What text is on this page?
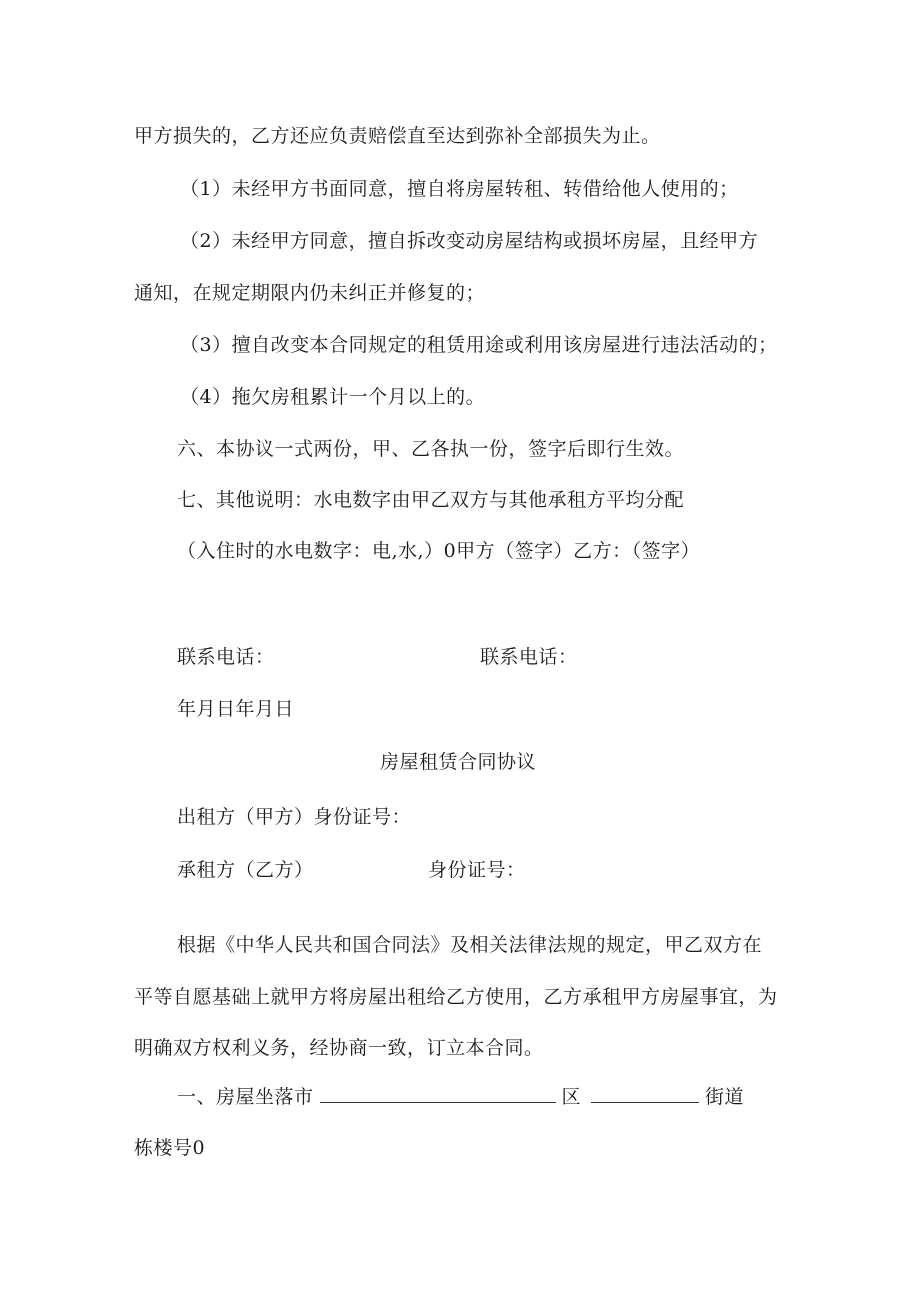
甲方损失的，乙方还应负责赔偿直至达到弥补全部损失为止。
（1）未经甲方书面同意，擅自将房屋转租、转借给他人使用的；
（2）未经甲方同意，擅自拆改变动房屋结构或损坏房屋，且经甲方
通知，在规定期限内仍未纠正并修复的；
（3）擅自改变本合同规定的租赁用途或利用该房屋进行违法活动的；
（4）拖欠房租累计一个月以上的。
六、本协议一式两份，甲、乙各执一份，签字后即行生效。
七、其他说明：水电数字由甲乙双方与其他承租方平均分配
（入住时的水电数字：电,水,）0甲方（签字）乙方：（签字）
联系电话：	联系电话：
年月日年月日
房屋租赁合同协议
出租方（甲方）身份证号：
承租方（乙方）	身份证号：
根据《中华人民共和国合同法》及相关法律法规的规定，甲乙双方在
平等自愿基础上就甲方将房屋出租给乙方使用，乙方承租甲方房屋事宜，为
明确双方权利义务，经协商一致，订立本合同。
一、房屋坐落市	区	街道
栋楼号0
